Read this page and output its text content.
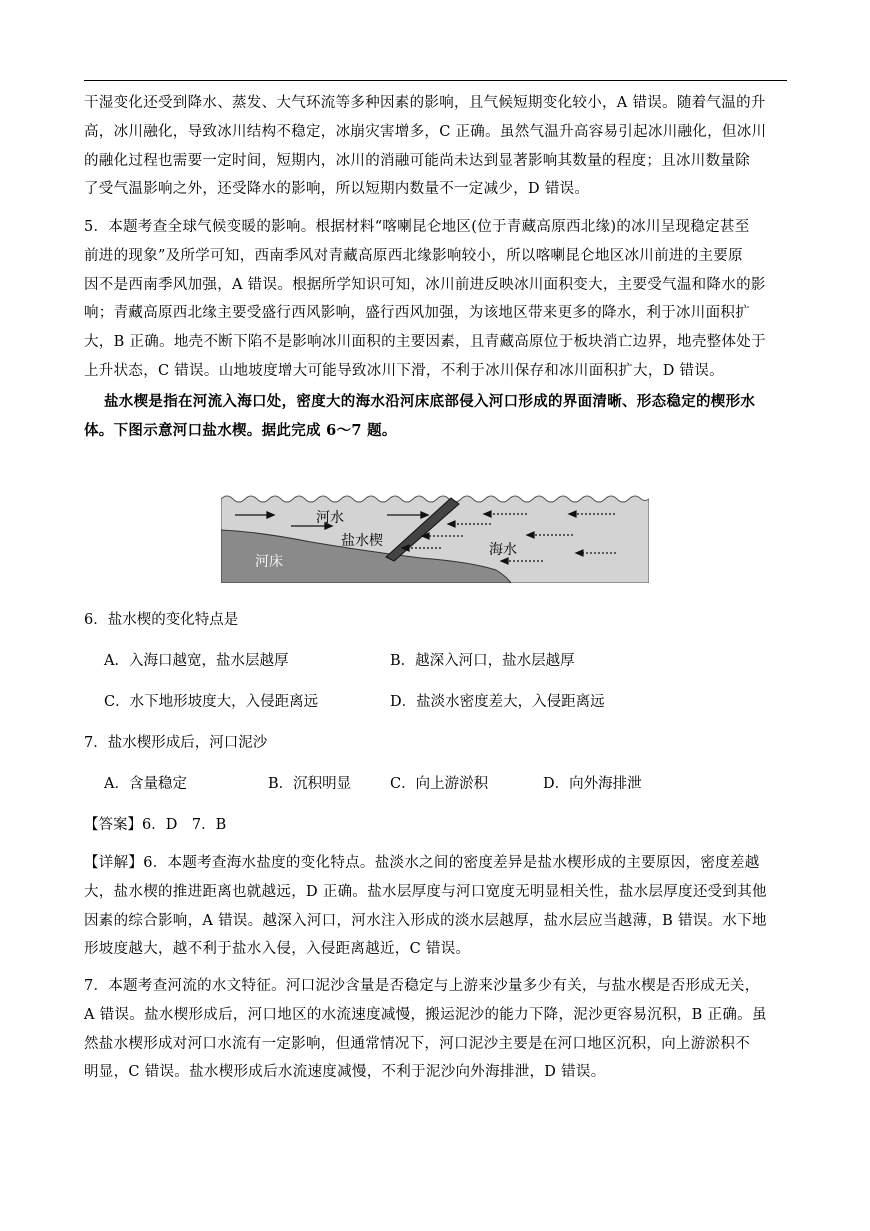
干湿变化还受到降水、蒸发、大气环流等多种因素的影响，且气候短期变化较小，A 错误。随着气温的升
高，冰川融化，导致冰川结构不稳定，冰崩灾害增多，C 正确。虽然气温升高容易引起冰川融化，但冰川
的融化过程也需要一定时间，短期内，冰川的消融可能尚未达到显著影响其数量的程度；且冰川数量除
了受气温影响之外，还受降水的影响，所以短期内数量不一定减少，D 错误。
5．本题考查全球气候变暖的影响。根据材料“喀喇昆仑地区(位于青藏高原西北缘)的冰川呈现稳定甚至
前进的现象”及所学可知，西南季风对青藏高原西北缘影响较小，所以喀喇昆仑地区冰川前进的主要原
因不是西南季风加强，A 错误。根据所学知识可知，冰川前进反映冰川面积变大，主要受气温和降水的影
响；青藏高原西北缘主要受盛行西风影响，盛行西风加强，为该地区带来更多的降水，利于冰川面积扩
大，B 正确。地壳不断下陷不是影响冰川面积的主要因素，且青藏高原位于板块消亡边界，地壳整体处于
上升状态，C 错误。山地坡度增大可能导致冰川下滑，不利于冰川保存和冰川面积扩大，D 错误。
盐水楔是指在河流入海口处，密度大的海水沿河床底部侵入河口形成的界面清晰、形态稳定的楔形水
体。下图示意河口盐水楔。据此完成 6～7 题。
河水
盐水楔
海水
河床
6．盐水楔的变化特点是
A．入海口越宽，盐水层越厚	B．越深入河口，盐水层越厚
C．水下地形坡度大，入侵距离远	D．盐淡水密度差大，入侵距离远
7．盐水楔形成后，河口泥沙
A．含量稳定	B．沉积明显	C．向上游淤积	D．向外海排泄
【答案】6．D　7．B
【详解】6．本题考查海水盐度的变化特点。盐淡水之间的密度差异是盐水楔形成的主要原因，密度差越
大，盐水楔的推进距离也就越远，D 正确。盐水层厚度与河口宽度无明显相关性，盐水层厚度还受到其他
因素的综合影响，A 错误。越深入河口，河水注入形成的淡水层越厚，盐水层应当越薄，B 错误。水下地
形坡度越大，越不利于盐水入侵，入侵距离越近，C 错误。
7．本题考查河流的水文特征。河口泥沙含量是否稳定与上游来沙量多少有关，与盐水楔是否形成无关，
A 错误。盐水楔形成后，河口地区的水流速度减慢，搬运泥沙的能力下降，泥沙更容易沉积，B 正确。虽
然盐水楔形成对河口水流有一定影响，但通常情况下，河口泥沙主要是在河口地区沉积，向上游淤积不
明显，C 错误。盐水楔形成后水流速度减慢，不利于泥沙向外海排泄，D 错误。
